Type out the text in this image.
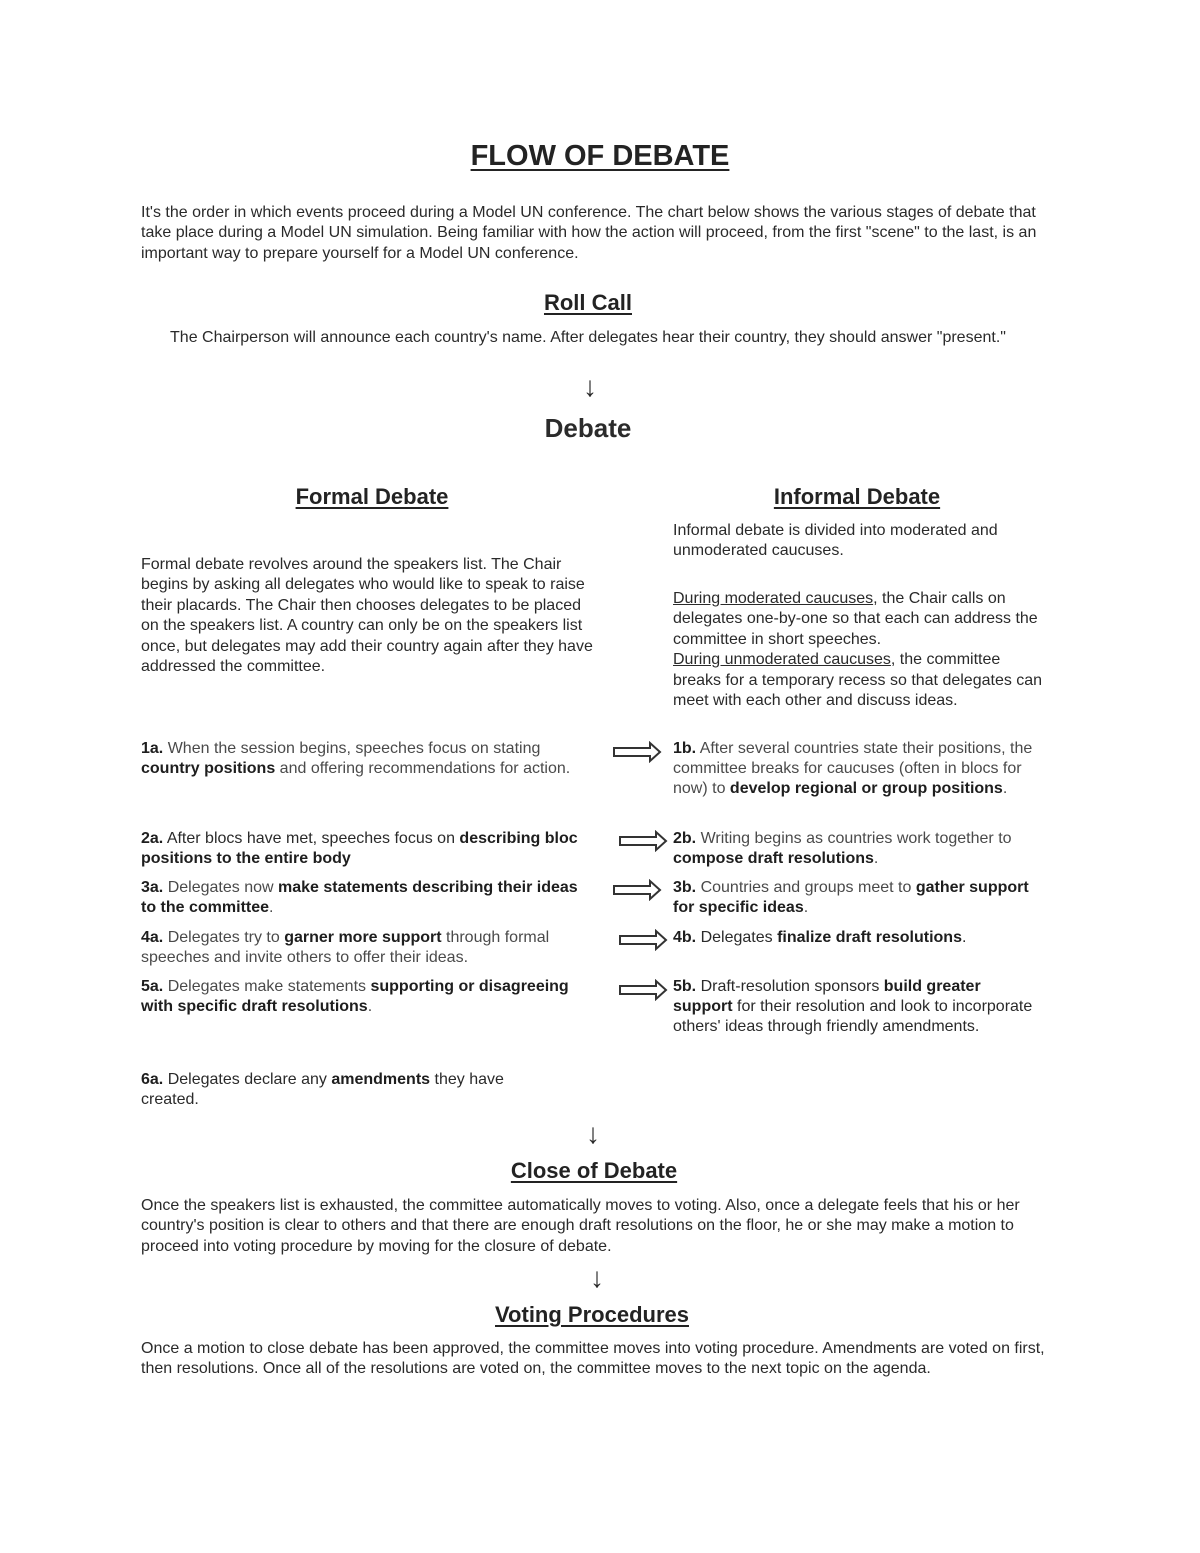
FLOW OF DEBATE
It's the order in which events proceed during a Model UN conference. The chart below shows the various stages of debate that take place during a Model UN simulation. Being familiar with how the action will proceed, from the first "scene" to the last, is an important way to prepare yourself for a Model UN conference.
Roll Call
The Chairperson will announce each country's name. After delegates hear their country, they should answer "present."
↓
Debate
Formal Debate
Formal debate revolves around the speakers list. The Chair begins by asking all delegates who would like to speak to raise their placards. The Chair then chooses delegates to be placed on the speakers list. A country can only be on the speakers list once, but delegates may add their country again after they have addressed the committee.
Informal Debate
Informal debate is divided into moderated and unmoderated caucuses.
During moderated caucuses, the Chair calls on delegates one-by-one so that each can address the committee in short speeches.
During unmoderated caucuses, the committee breaks for a temporary recess so that delegates can meet with each other and discuss ideas.
1a. When the session begins, speeches focus on stating country positions and offering recommendations for action.
1b. After several countries state their positions, the committee breaks for caucuses (often in blocs for now) to develop regional or group positions.
2a. After blocs have met, speeches focus on describing bloc positions to the entire body
2b. Writing begins as countries work together to compose draft resolutions.
3a. Delegates now make statements describing their ideas to the committee.
3b. Countries and groups meet to gather support for specific ideas.
4a. Delegates try to garner more support through formal speeches and invite others to offer their ideas.
4b. Delegates finalize draft resolutions.
5a. Delegates make statements supporting or disagreeing with specific draft resolutions.
5b. Draft-resolution sponsors build greater support for their resolution and look to incorporate others' ideas through friendly amendments.
6a. Delegates declare any amendments they have created.
↓
Close of Debate
Once the speakers list is exhausted, the committee automatically moves to voting. Also, once a delegate feels that his or her country's position is clear to others and that there are enough draft resolutions on the floor, he or she may make a motion to proceed into voting procedure by moving for the closure of debate.
↓
Voting Procedures
Once a motion to close debate has been approved, the committee moves into voting procedure. Amendments are voted on first, then resolutions. Once all of the resolutions are voted on, the committee moves to the next topic on the agenda.
